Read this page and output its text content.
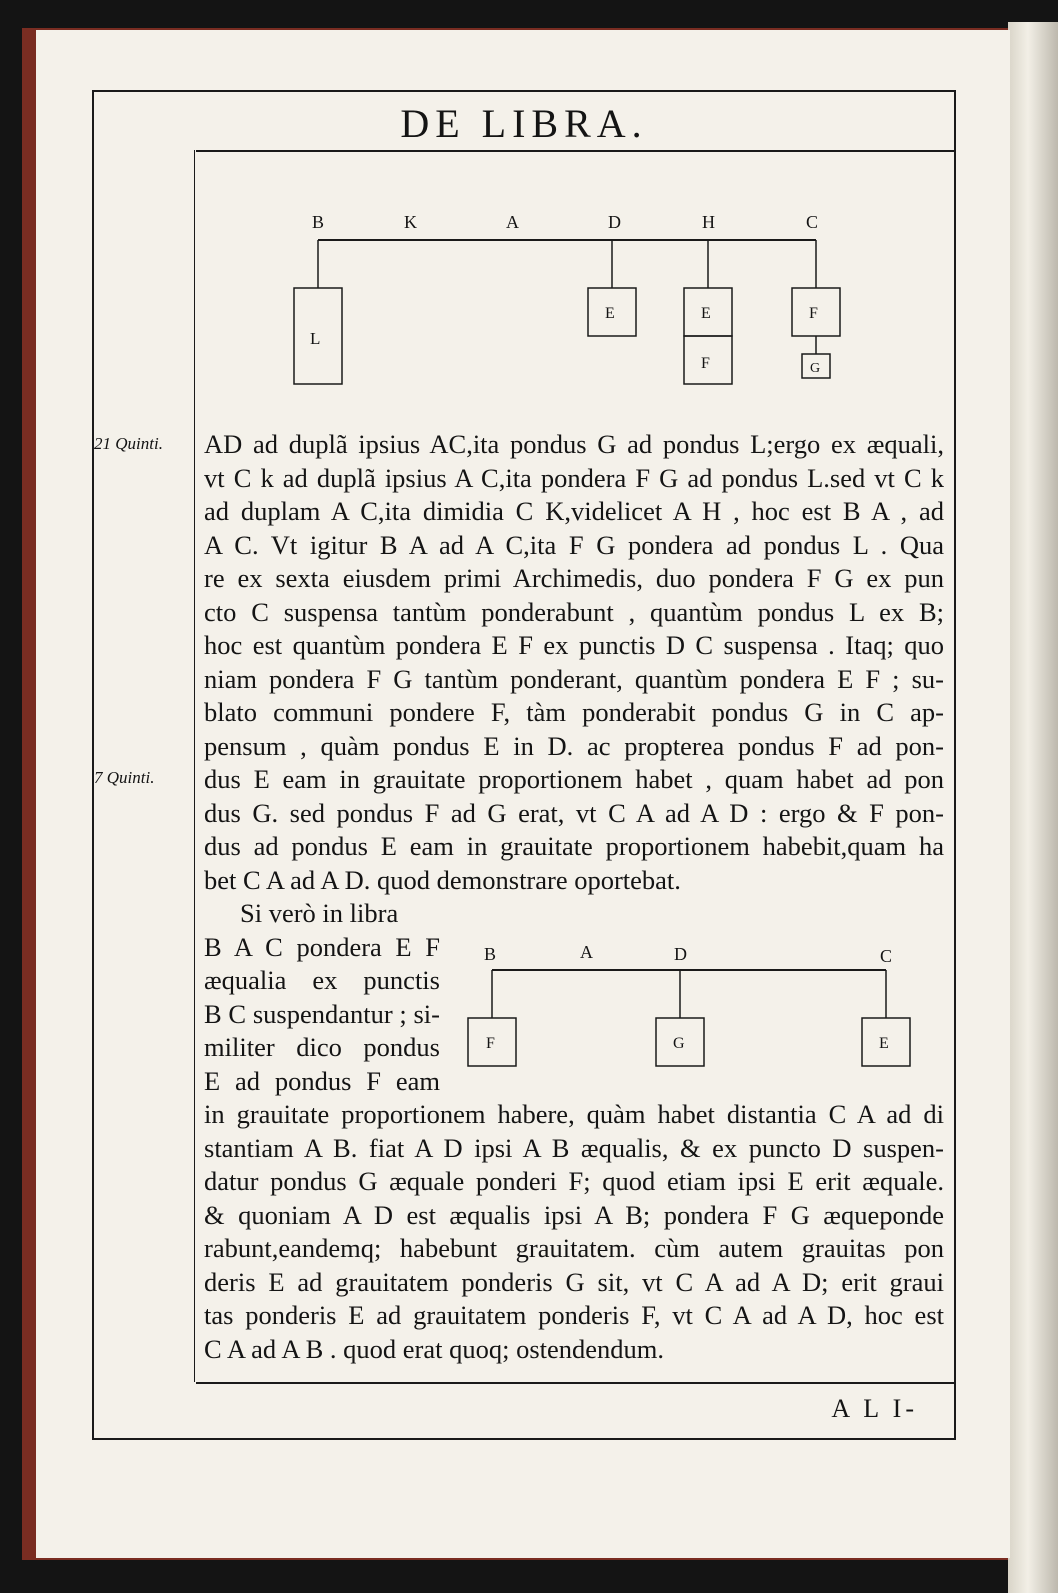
DE LIBRA.
B	K	A	D	H	C
L
E	E
F
F
G
21 Quinti.
7 Quinti.
AD ad duplã ipsius AC,ita pondus G ad pondus L;ergo ex æquali,
vt C k ad duplã ipsius A C,ita pondera F G ad pondus L.sed vt C k
ad duplam A C,ita dimidia C K,videlicet A H , hoc est B A , ad
A C. Vt igitur B A ad A C,ita F G pondera ad pondus L . Qua
re ex sexta eiusdem primi Archimedis, duo pondera F G ex pun
cto C suspensa tantùm ponderabunt , quantùm pondus L ex B;
hoc est quantùm pondera E F ex punctis D C suspensa . Itaq; quo
niam pondera F G tantùm ponderant, quantùm pondera E F ; su-
blato communi pondere F, tàm ponderabit pondus G in C ap-
pensum , quàm pondus E in D. ac propterea pondus F ad pon-
dus E eam in grauitate proportionem habet , quam habet ad pon
dus G. sed pondus F ad G erat, vt C A ad A D : ergo & F pon-
dus ad pondus E eam in grauitate proportionem habebit,quam ha
bet C A ad A D. quod demonstrare oportebat.
Si verò in libra
B A C pondera E F
æqualia ex punctis
B C suspendantur ; si-
militer dico pondus
E ad pondus F eam
B	A	D	C
F	G	E
in grauitate proportionem habere, quàm habet distantia C A ad di
stantiam A B. fiat A D ipsi A B æqualis, & ex puncto D suspen-
datur pondus G æquale ponderi F; quod etiam ipsi E erit æquale.
& quoniam A D est æqualis ipsi A B; pondera F G æqueponde
rabunt,eandemq; habebunt grauitatem. cùm autem grauitas pon
deris E ad grauitatem ponderis G sit, vt C A ad A D; erit graui
tas ponderis E ad grauitatem ponderis F, vt C A ad A D, hoc est
C A ad A B . quod erat quoq; ostendendum.
A L I-
